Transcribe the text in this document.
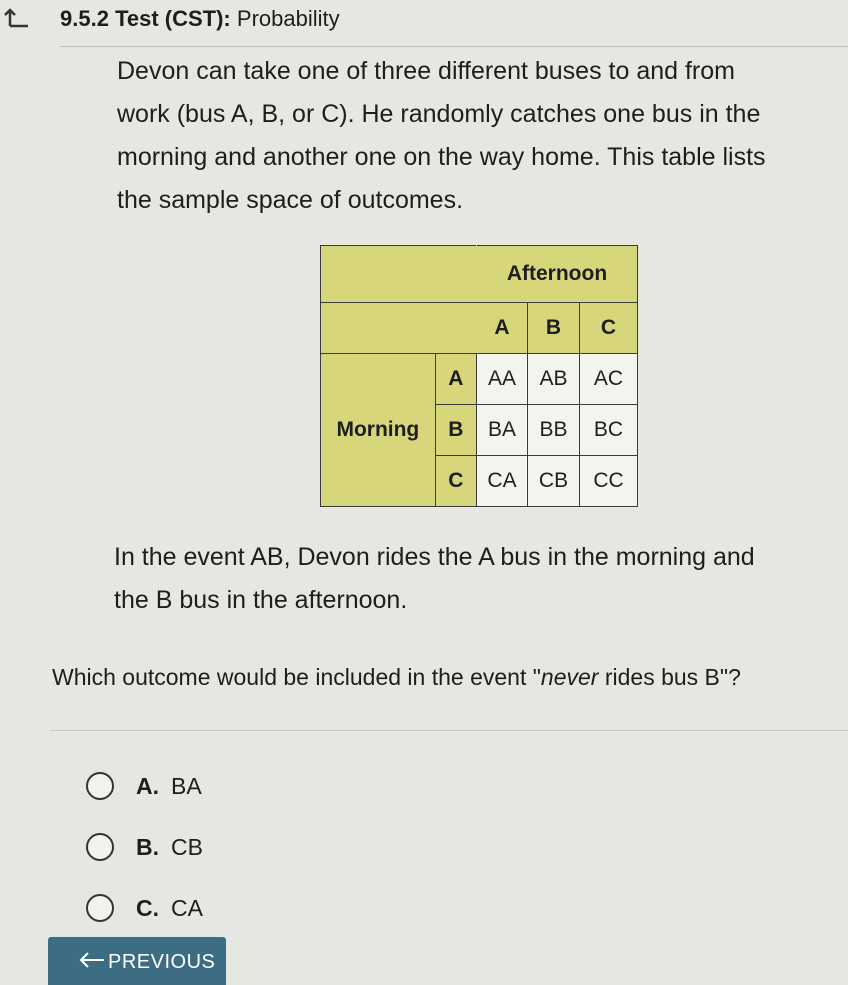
9.5.2 Test (CST): Probability
Devon can take one of three different buses to and from
work (bus A, B, or C). He randomly catches one bus in the
morning and another one on the way home. This table lists
the sample space of outcomes.
		Afternoon		
		A	B	C
Morning	A	AA	AB	AC
	B	BA	BB	BC
	C	CA	CB	CC
In the event AB, Devon rides the A bus in the morning and
the B bus in the afternoon.
Which outcome would be included in the event "never rides bus B"?
A. BA
B. CB
C. CA
PREVIOUS
